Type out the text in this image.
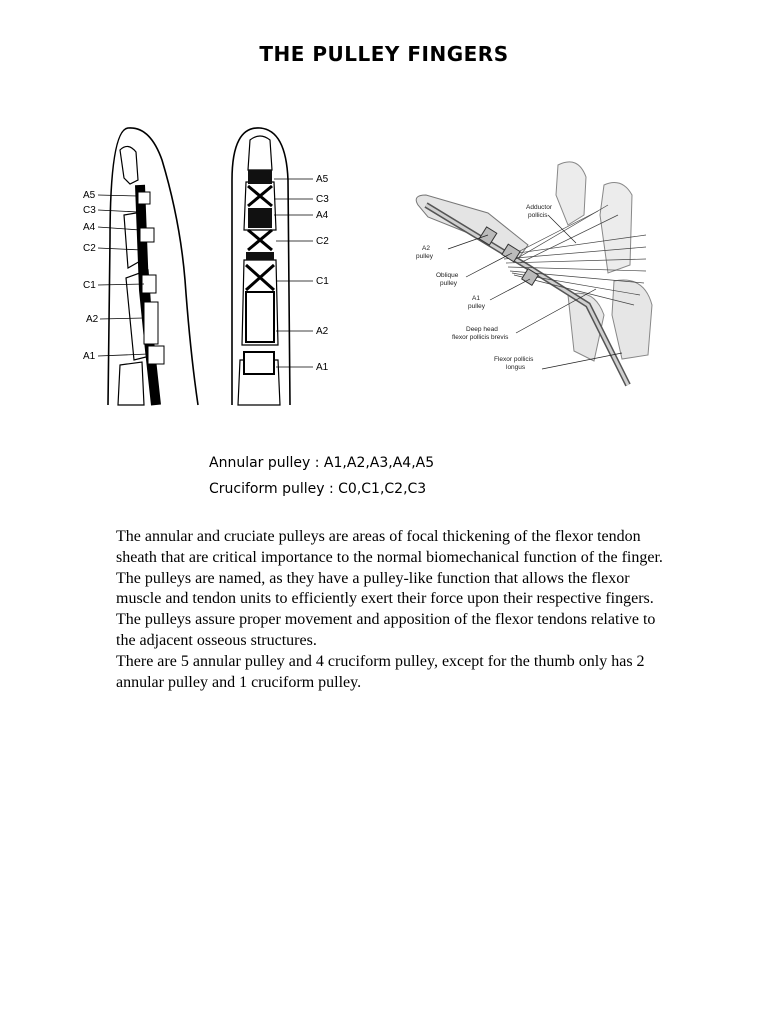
THE PULLEY FINGERS
A5
C3
A4
C2
C1
A2
A1
A5
C3
A4
C2
C1
A2
A1
Adductor
pollicis
A2
pulley
Oblique
pulley
A1
pulley
Deep head
flexor pollicis brevis
Flexor pollicis
longus
Annular pulley : A1,A2,A3,A4,A5
Cruciform pulley : C0,C1,C2,C3

The annular and cruciate pulleys are areas of focal thickening of the flexor tendon sheath that are critical importance to the normal biomechanical function of the finger. The pulleys are named, as they have a pulley-like function that allows the flexor muscle and tendon units to efficiently exert their force upon their respective fingers. The pulleys assure proper movement and apposition of the flexor tendons relative to the adjacent osseous structures.

There are 5 annular pulley and 4 cruciform pulley, except for the thumb only has 2 annular pulley and 1 cruciform pulley.
